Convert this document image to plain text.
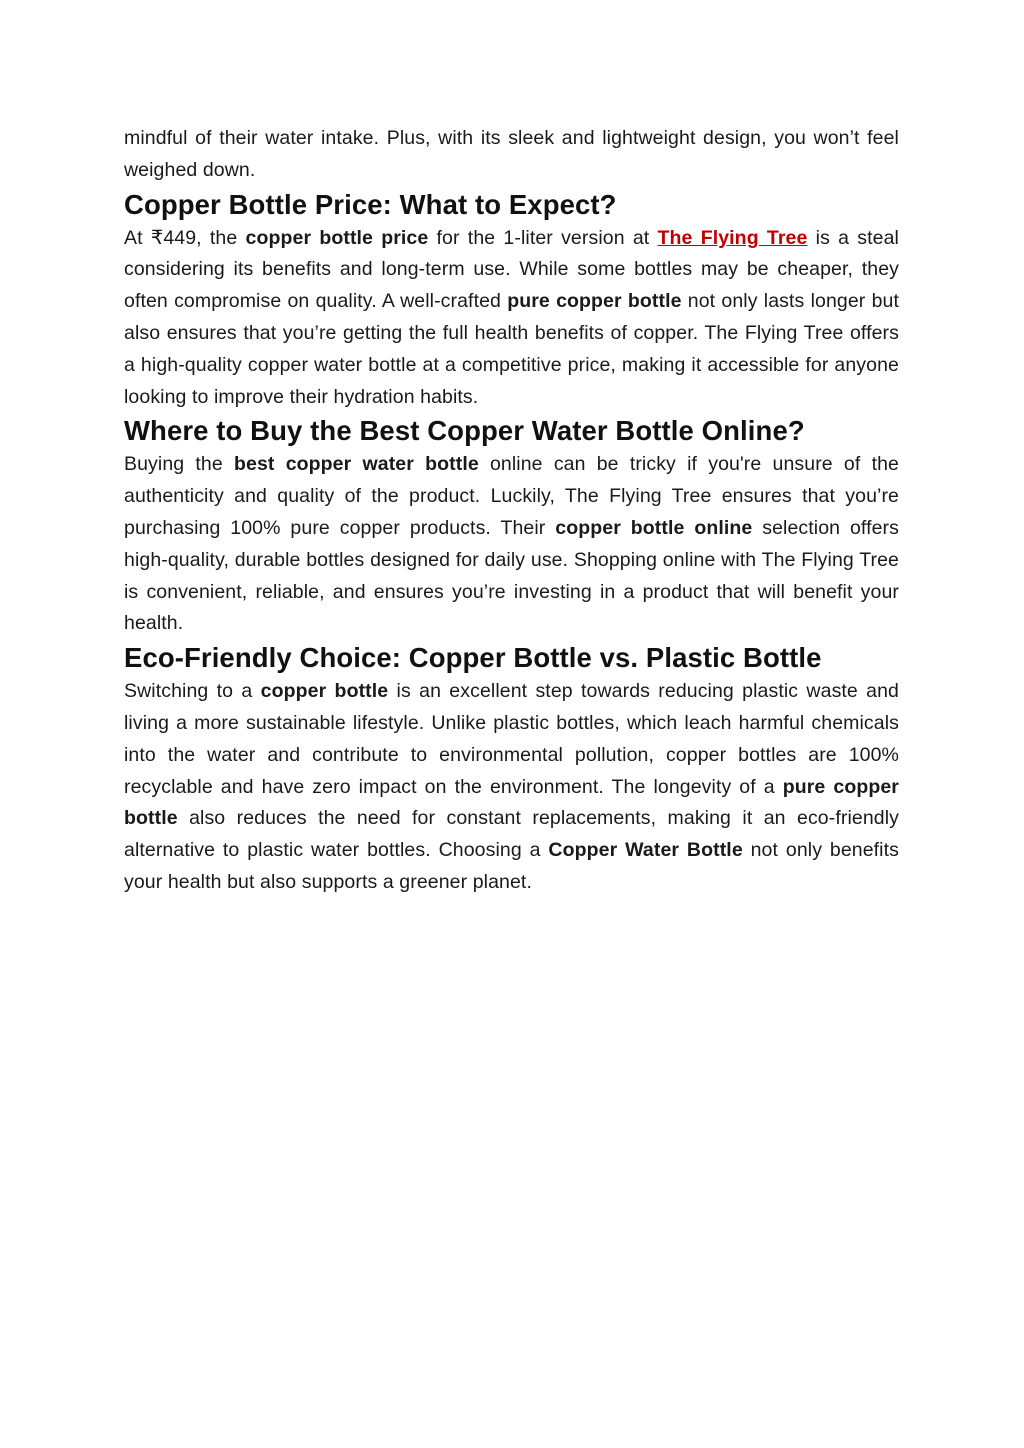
mindful of their water intake. Plus, with its sleek and lightweight design, you won’t feel weighed down.

Copper Bottle Price: What to Expect?

At ₹449, the copper bottle price for the 1-liter version at The Flying Tree is a steal considering its benefits and long-term use. While some bottles may be cheaper, they often compromise on quality. A well-crafted pure copper bottle not only lasts longer but also ensures that you’re getting the full health benefits of copper. The Flying Tree offers a high-quality copper water bottle at a competitive price, making it accessible for anyone looking to improve their hydration habits.

Where to Buy the Best Copper Water Bottle Online?

Buying the best copper water bottle online can be tricky if you're unsure of the authenticity and quality of the product. Luckily, The Flying Tree ensures that you’re purchasing 100% pure copper products. Their copper bottle online selection offers high-quality, durable bottles designed for daily use. Shopping online with The Flying Tree is convenient, reliable, and ensures you’re investing in a product that will benefit your health.

Eco-Friendly Choice: Copper Bottle vs. Plastic Bottle

Switching to a copper bottle is an excellent step towards reducing plastic waste and living a more sustainable lifestyle. Unlike plastic bottles, which leach harmful chemicals into the water and contribute to environmental pollution, copper bottles are 100% recyclable and have zero impact on the environment. The longevity of a pure copper bottle also reduces the need for constant replacements, making it an eco-friendly alternative to plastic water bottles. Choosing a Copper Water Bottle not only benefits your health but also supports a greener planet.
